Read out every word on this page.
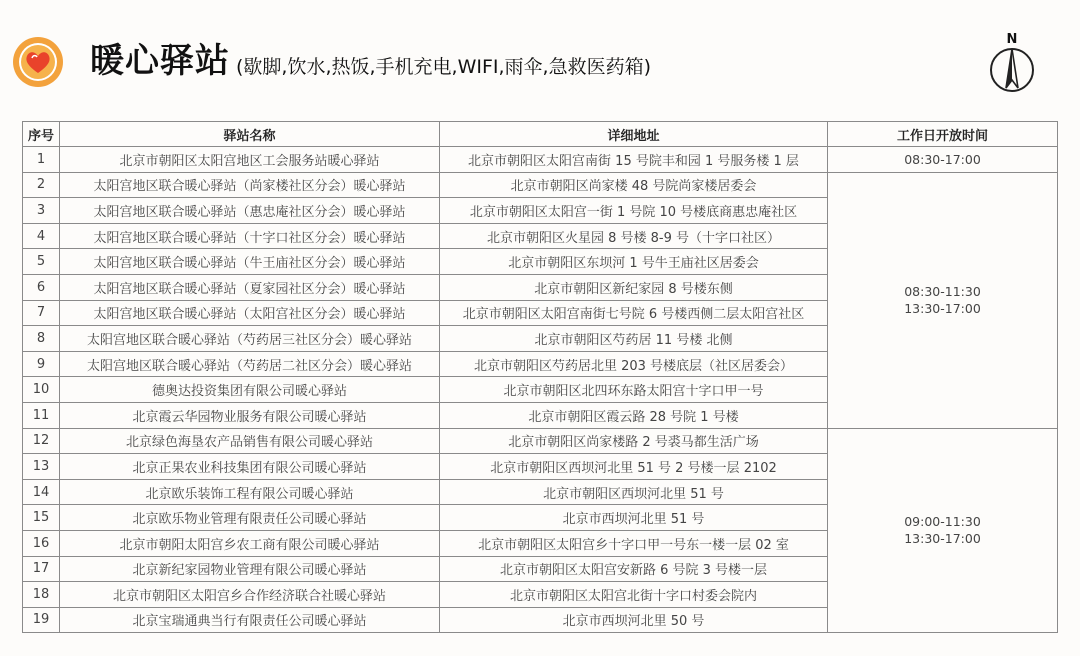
暖心驿站 (歇脚,饮水,热饭,手机充电,WIFI,雨伞,急救医药箱)
N
序号	驿站名称	详细地址	工作日开放时间
1	北京市朝阳区太阳宫地区工会服务站暖心驿站	北京市朝阳区太阳宫南街 15 号院丰和园 1 号服务楼 1 层	08:30-17:00
2	太阳宫地区联合暖心驿站（尚家楼社区分会）暖心驿站	北京市朝阳区尚家楼 48 号院尚家楼居委会	08:30-11:30
13:30-17:00
3	太阳宫地区联合暖心驿站（惠忠庵社区分会）暖心驿站	北京市朝阳区太阳宫一街 1 号院 10 号楼底商惠忠庵社区	
4	太阳宫地区联合暖心驿站（十字口社区分会）暖心驿站	北京市朝阳区火星园 8 号楼 8-9 号（十字口社区）	
5	太阳宫地区联合暖心驿站（牛王庙社区分会）暖心驿站	北京市朝阳区东坝河 1 号牛王庙社区居委会	
6	太阳宫地区联合暖心驿站（夏家园社区分会）暖心驿站	北京市朝阳区新纪家园 8 号楼东侧	
7	太阳宫地区联合暖心驿站（太阳宫社区分会）暖心驿站	北京市朝阳区太阳宫南街七号院 6 号楼西侧二层太阳宫社区	
8	太阳宫地区联合暖心驿站（芍药居三社区分会）暖心驿站	北京市朝阳区芍药居 11 号楼 北侧	
9	太阳宫地区联合暖心驿站（芍药居二社区分会）暖心驿站	北京市朝阳区芍药居北里 203 号楼底层（社区居委会）	
10	德奥达投资集团有限公司暖心驿站	北京市朝阳区北四环东路太阳宫十字口甲一号	
11	北京霞云华园物业服务有限公司暖心驿站	北京市朝阳区霞云路 28 号院 1 号楼	
12	北京绿色海垦农产品销售有限公司暖心驿站	北京市朝阳区尚家楼路 2 号裘马都生活广场	09:00-11:30
13:30-17:00
13	北京正果农业科技集团有限公司暖心驿站	北京市朝阳区西坝河北里 51 号 2 号楼一层 2102	
14	北京欧乐装饰工程有限公司暖心驿站	北京市朝阳区西坝河北里 51 号	
15	北京欧乐物业管理有限责任公司暖心驿站	北京市西坝河北里 51 号	
16	北京市朝阳太阳宫乡农工商有限公司暖心驿站	北京市朝阳区太阳宫乡十字口甲一号东一楼一层 02 室	
17	北京新纪家园物业管理有限公司暖心驿站	北京市朝阳区太阳宫安新路 6 号院 3 号楼一层	
18	北京市朝阳区太阳宫乡合作经济联合社暖心驿站	北京市朝阳区太阳宫北街十字口村委会院内	
19	北京宝瑞通典当行有限责任公司暖心驿站	北京市西坝河北里 50 号	
